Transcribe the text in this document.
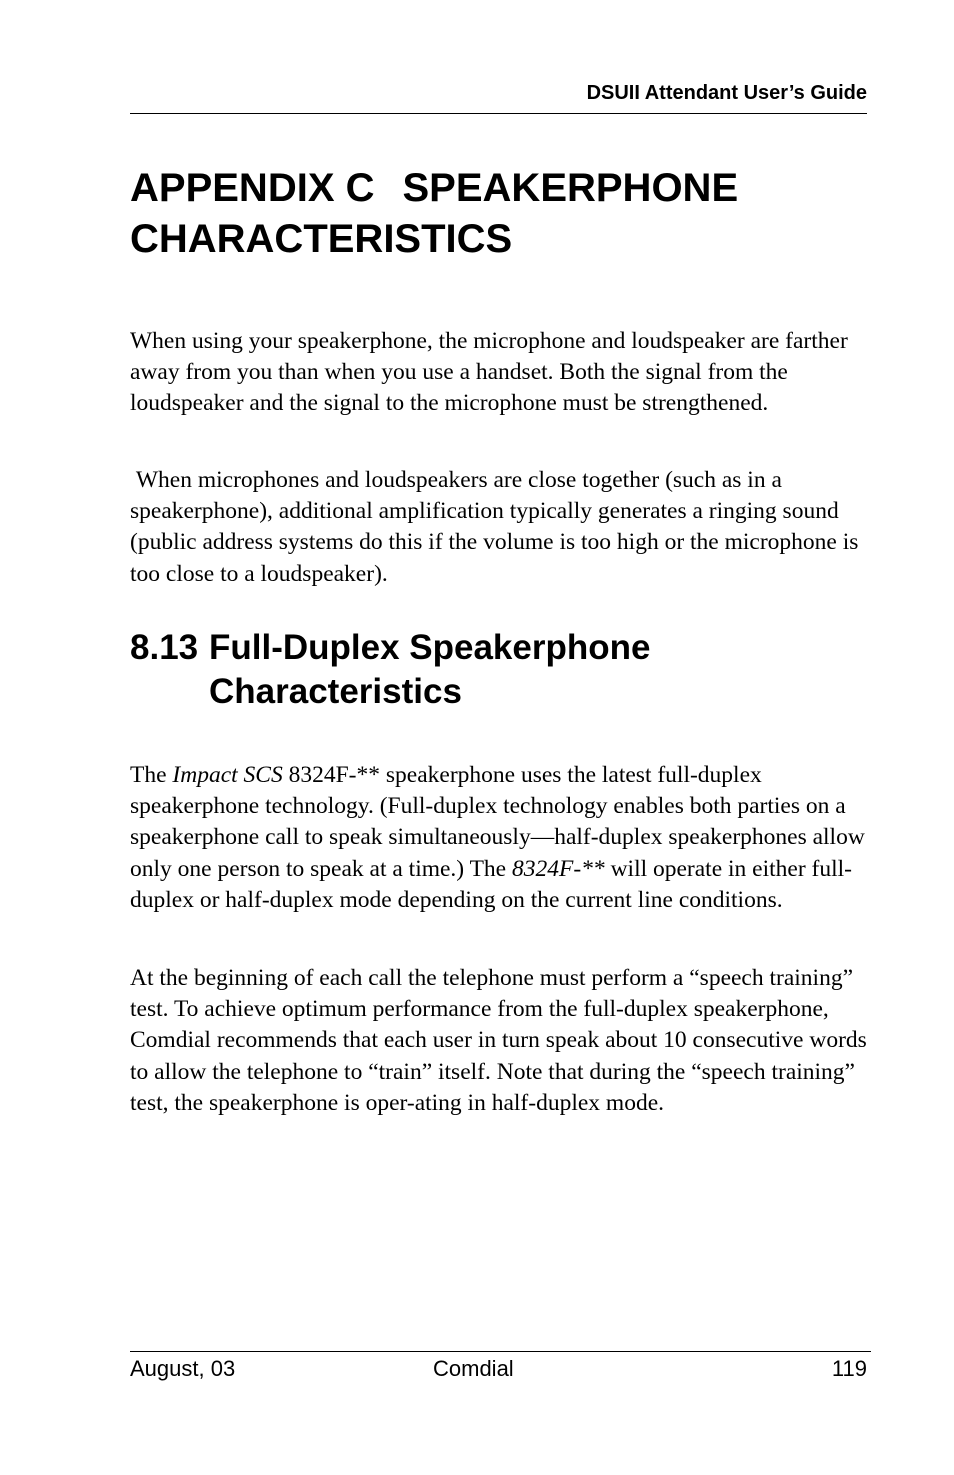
DSUII Attendant User’s Guide
APPENDIX C SPEAKERPHONE
CHARACTERISTICS

When using your speakerphone, the microphone and loudspeaker are farther away from you than when you use a handset. Both the signal from the loudspeaker and the signal to the microphone must be strengthened.

When microphones and loudspeakers are close together (such as in a speakerphone), additional amplification typically generates a ringing sound (public address systems do this if the volume is too high or the microphone is too close to a loudspeaker).

8.13 Full-Duplex Speakerphone Characteristics

The Impact SCS 8324F-** speakerphone uses the latest full-duplex speakerphone technology. (Full-duplex technology enables both parties on a speakerphone call to speak simultaneously—half-duplex speakerphones allow only one person to speak at a time.) The 8324F-** will operate in either full-duplex or half-duplex mode depending on the current line conditions.

At the beginning of each call the telephone must perform a “speech training” test. To achieve optimum performance from the full-duplex speakerphone, Comdial recommends that each user in turn speak about 10 consecutive words to allow the telephone to “train” itself. Note that during the “speech training” test, the speakerphone is oper-ating in half-duplex mode.

August, 03	Comdial	119
